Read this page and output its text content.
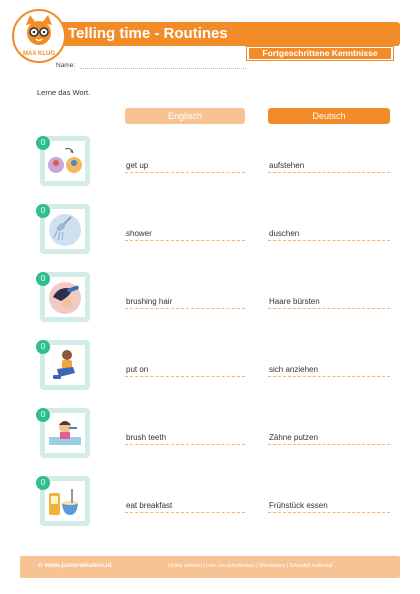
Telling time - Routines
MAX KLUG	Fortgeschrittene Kenntnisse
Name:
Lerne das Wort.
Englisch	Deutsch
0
get up	aufstehen
0
shower	duschen
0
brushing hair	Haare bürsten
0
put on	sich anziehen
0
brush teeth	Zähne putzen
0
eat breakfast	Frühstück essen
© www.junioreinstein.nl	Online oefenen | Leer- en oefenboeken | Werkbladen | Educatief materiaal
